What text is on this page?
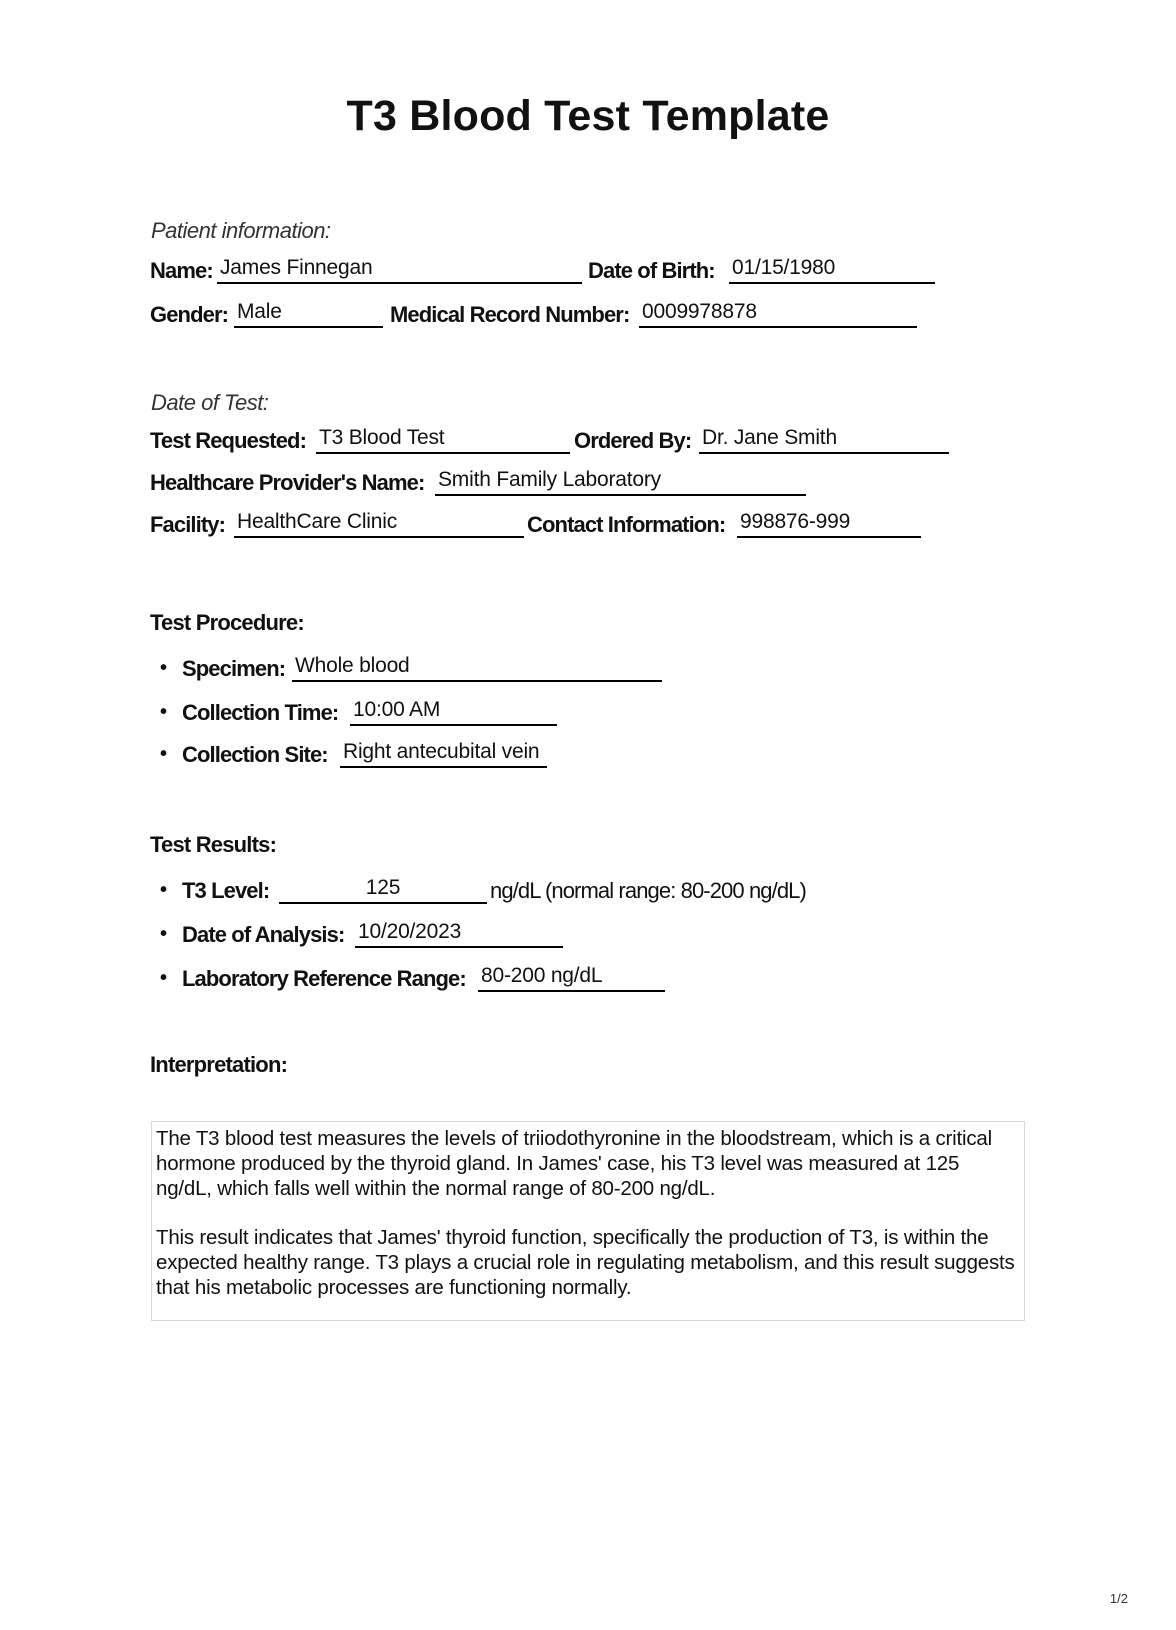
T3 Blood Test Template
Patient information:
Name: James Finnegan	Date of Birth: 01/15/1980
Gender: Male	Medical Record Number: 0009978878
Date of Test:
Test Requested: T3 Blood Test	Ordered By: Dr. Jane Smith
Healthcare Provider's Name: Smith Family Laboratory
Facility: HealthCare Clinic	Contact Information: 998876-999
Test Procedure:
• Specimen: Whole blood
• Collection Time: 10:00 AM
• Collection Site: Right antecubital vein
Test Results:
• T3 Level:	125	ng/dL (normal range: 80-200 ng/dL)
• Date of Analysis: 10/20/2023
• Laboratory Reference Range: 80-200 ng/dL
Interpretation:

The T3 blood test measures the levels of triiodothyronine in the bloodstream, which is a critical hormone produced by the thyroid gland. In James' case, his T3 level was measured at 125 ng/dL, which falls well within the normal range of 80-200 ng/dL.

This result indicates that James' thyroid function, specifically the production of T3, is within the expected healthy range. T3 plays a crucial role in regulating metabolism, and this result suggests that his metabolic processes are functioning normally.

1/2
